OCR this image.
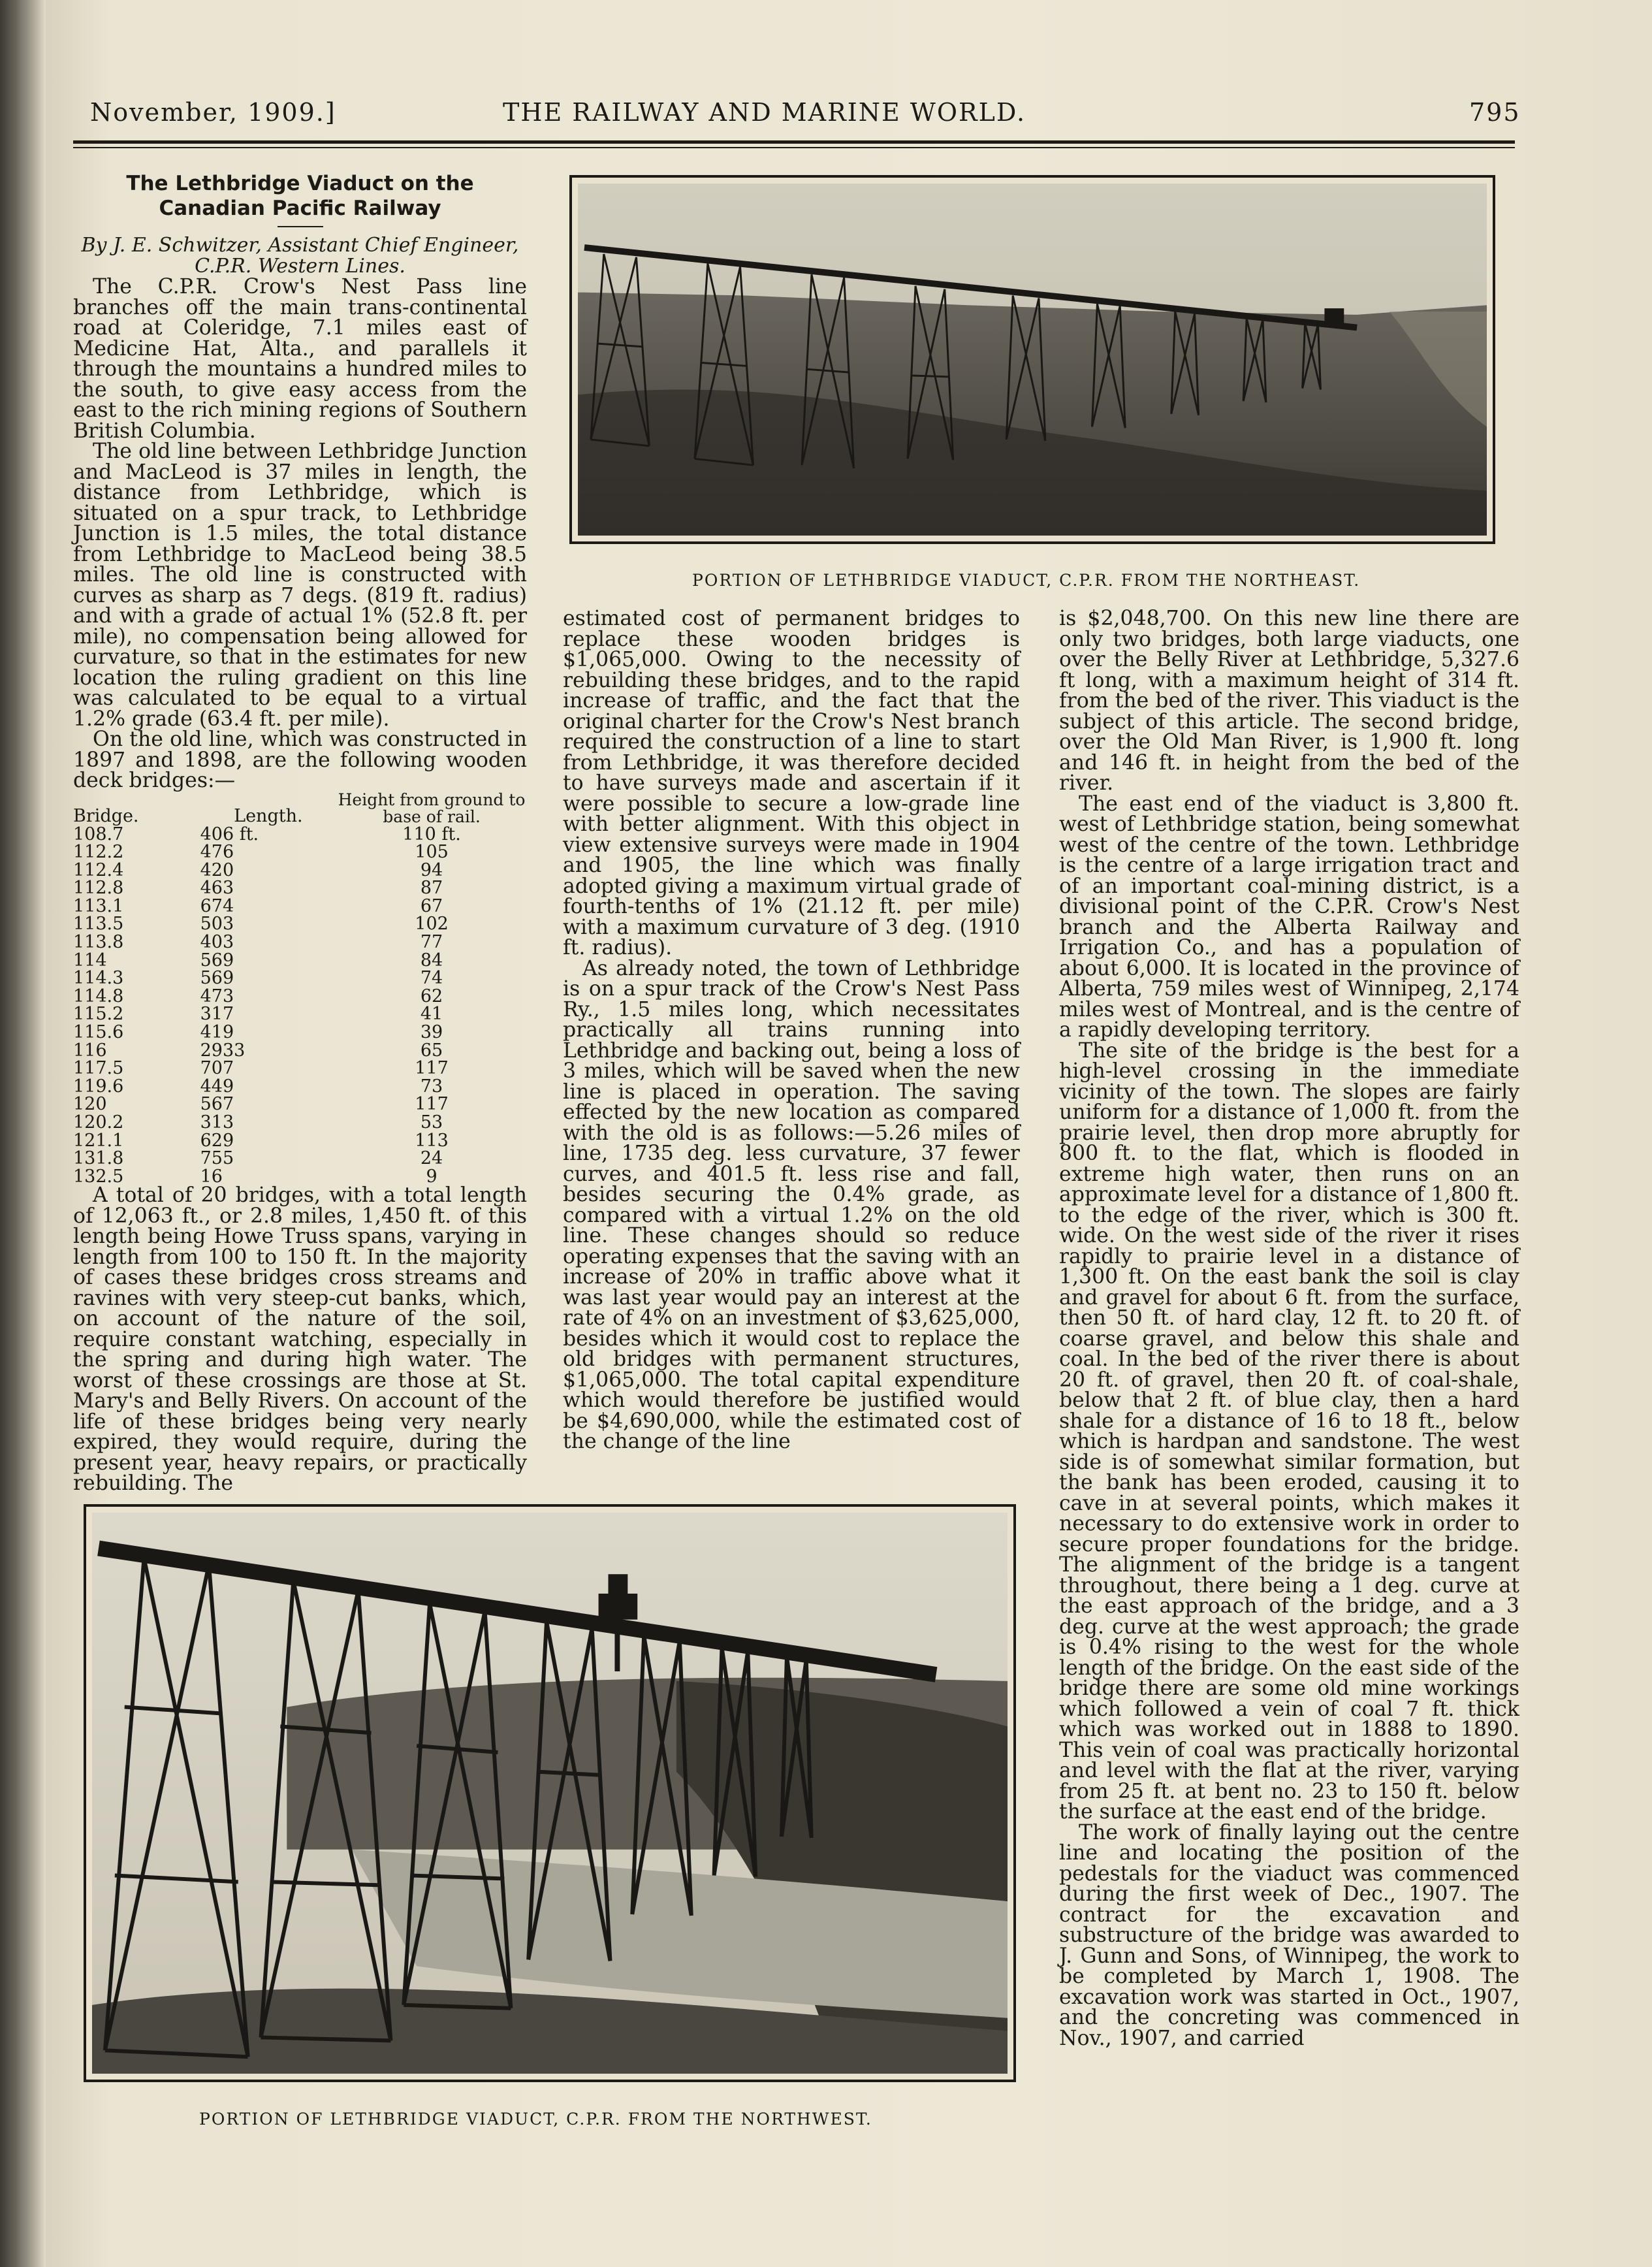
November, 1909.]	THE RAILWAY AND MARINE WORLD.	795
The Lethbridge Viaduct on the Canadian Pacific Railway
By J. E. Schwitzer, Assistant Chief Engineer, C.P.R. Western Lines.

The C.P.R. Crow's Nest Pass line branches off the main trans-continental road at Coleridge, 7.1 miles east of Medicine Hat, Alta., and parallels it through the mountains a hundred miles to the south, to give easy access from the east to the rich mining regions of Southern British Columbia.

The old line between Lethbridge Junction and MacLeod is 37 miles in length, the distance from Lethbridge, which is situated on a spur track, to Lethbridge Junction is 1.5 miles, the total distance from Lethbridge to MacLeod being 38.5 miles. The old line is constructed with curves as sharp as 7 degs. (819 ft. radius) and with a grade of actual 1% (52.8 ft. per mile), no compensation being allowed for curvature, so that in the estimates for new location the ruling gradient on this line was calculated to be equal to a virtual 1.2% grade (63.4 ft. per mile).

On the old line, which was constructed in 1897 and 1898, are the following wooden deck bridges:—

Bridge.	Length.	Height from ground to base of rail.
108.7	406 ft.	110 ft.
112.2	476	105
112.4	420	94
112.8	463	87
113.1	674	67
113.5	503	102
113.8	403	77
114	569	84
114.3	569	74
114.8	473	62
115.2	317	41
115.6	419	39
116	2933	65
117.5	707	117
119.6	449	73
120	567	117
120.2	313	53
121.1	629	113
131.8	755	24
132.5	16	9

A total of 20 bridges, with a total length of 12,063 ft., or 2.8 miles, 1,450 ft. of this length being Howe Truss spans, varying in length from 100 to 150 ft. In the majority of cases these bridges cross streams and ravines with very steep-cut banks, which, on account of the nature of the soil, require constant watching, especially in the spring and during high water. The worst of these crossings are those at St. Mary's and Belly Rivers. On account of the life of these bridges being very nearly expired, they would require, during the present year, heavy repairs, or practically rebuilding. The

PORTION OF LETHBRIDGE VIADUCT, C.P.R. FROM THE NORTHEAST.

estimated cost of permanent bridges to replace these wooden bridges is $1,065,000. Owing to the necessity of rebuilding these bridges, and to the rapid increase of traffic, and the fact that the original charter for the Crow's Nest branch required the construction of a line to start from Lethbridge, it was therefore decided to have surveys made and ascertain if it were possible to secure a low-grade line with better alignment. With this object in view extensive surveys were made in 1904 and 1905, the line which was finally adopted giving a maximum virtual grade of fourth-tenths of 1% (21.12 ft. per mile) with a maximum curvature of 3 deg. (1910 ft. radius).

As already noted, the town of Lethbridge is on a spur track of the Crow's Nest Pass Ry., 1.5 miles long, which necessitates practically all trains running into Lethbridge and backing out, being a loss of 3 miles, which will be saved when the new line is placed in operation. The saving effected by the new location as compared with the old is as follows:—5.26 miles of line, 1735 deg. less curvature, 37 fewer curves, and 401.5 ft. less rise and fall, besides securing the 0.4% grade, as compared with a virtual 1.2% on the old line. These changes should so reduce operating expenses that the saving with an increase of 20% in traffic above what it was last year would pay an interest at the rate of 4% on an investment of $3,625,000, besides which it would cost to replace the old bridges with permanent structures, $1,065,000. The total capital expenditure which would therefore be justified would be $4,690,000, while the estimated cost of the change of the line

is $2,048,700. On this new line there are only two bridges, both large viaducts, one over the Belly River at Lethbridge, 5,327.6 ft long, with a maximum height of 314 ft. from the bed of the river. This viaduct is the subject of this article. The second bridge, over the Old Man River, is 1,900 ft. long and 146 ft. in height from the bed of the river.

The east end of the viaduct is 3,800 ft. west of Lethbridge station, being somewhat west of the centre of the town. Lethbridge is the centre of a large irrigation tract and of an important coal-mining district, is a divisional point of the C.P.R. Crow's Nest branch and the Alberta Railway and Irrigation Co., and has a population of about 6,000. It is located in the province of Alberta, 759 miles west of Winnipeg, 2,174 miles west of Montreal, and is the centre of a rapidly developing territory.

The site of the bridge is the best for a high-level crossing in the immediate vicinity of the town. The slopes are fairly uniform for a distance of 1,000 ft. from the prairie level, then drop more abruptly for 800 ft. to the flat, which is flooded in extreme high water, then runs on an approximate level for a distance of 1,800 ft. to the edge of the river, which is 300 ft. wide. On the west side of the river it rises rapidly to prairie level in a distance of 1,300 ft. On the east bank the soil is clay and gravel for about 6 ft. from the surface, then 50 ft. of hard clay, 12 ft. to 20 ft. of coarse gravel, and below this shale and coal. In the bed of the river there is about 20 ft. of gravel, then 20 ft. of coal-shale, below that 2 ft. of blue clay, then a hard shale for a distance of 16 to 18 ft., below which is hardpan and sandstone. The west side is of somewhat similar formation, but the bank has been eroded, causing it to cave in at several points, which makes it necessary to do extensive work in order to secure proper foundations for the bridge. The alignment of the bridge is a tangent throughout, there being a 1 deg. curve at the east approach of the bridge, and a 3 deg. curve at the west approach; the grade is 0.4% rising to the west for the whole length of the bridge. On the east side of the bridge there are some old mine workings which followed a vein of coal 7 ft. thick which was worked out in 1888 to 1890. This vein of coal was practically horizontal and level with the flat at the river, varying from 25 ft. at bent no. 23 to 150 ft. below the surface at the east end of the bridge.

The work of finally laying out the centre line and locating the position of the pedestals for the viaduct was commenced during the first week of Dec., 1907. The contract for the excavation and substructure of the bridge was awarded to J. Gunn and Sons, of Winnipeg, the work to be completed by March 1, 1908. The excavation work was started in Oct., 1907, and the concreting was commenced in Nov., 1907, and carried

PORTION OF LETHBRIDGE VIADUCT, C.P.R. FROM THE NORTHWEST.
